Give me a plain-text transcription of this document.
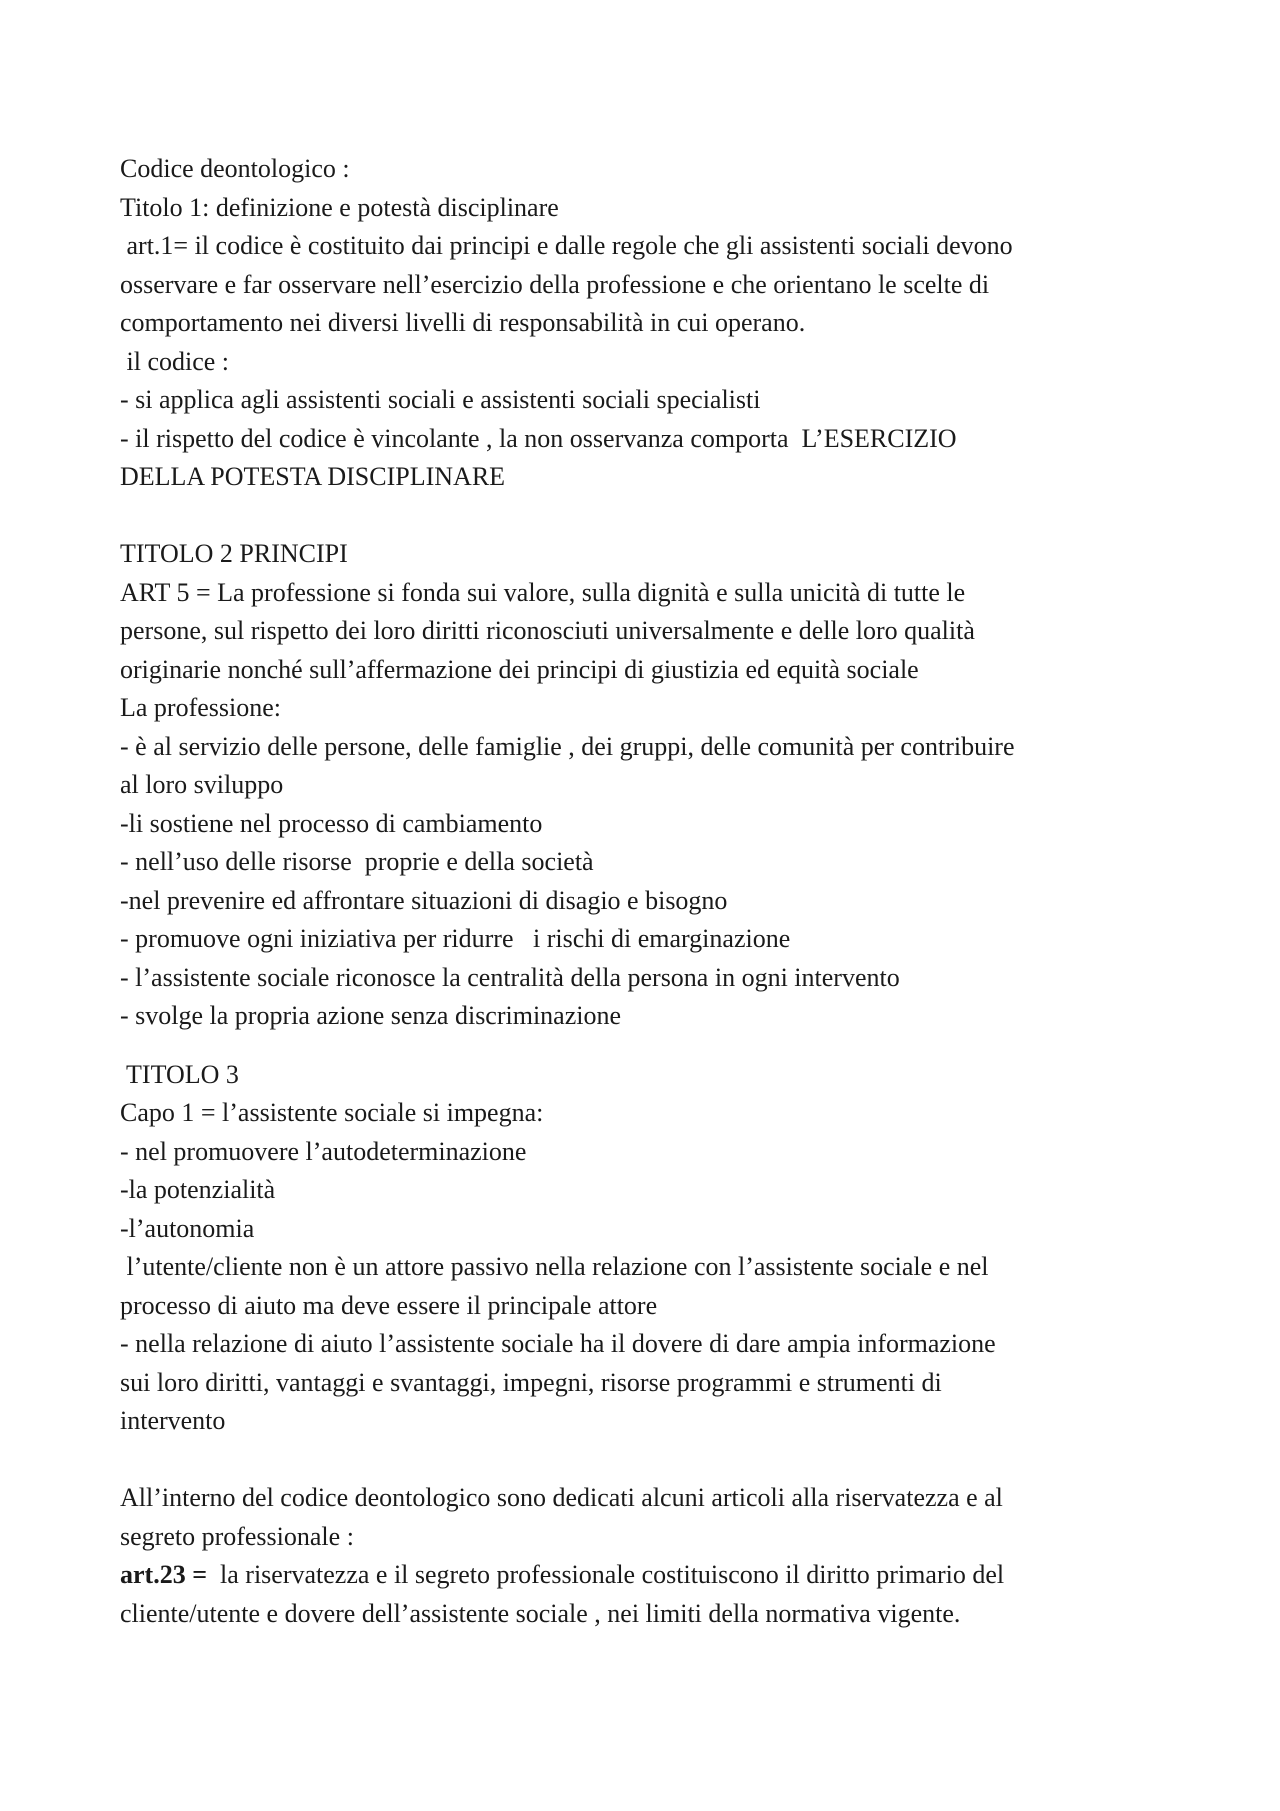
Codice deontologico :
Titolo 1: definizione e potestà disciplinare
art.1= il codice è costituito dai principi e dalle regole che gli assistenti sociali devono
osservare e far osservare nell’esercizio della professione e che orientano le scelte di
comportamento nei diversi livelli di responsabilità in cui operano.
il codice :
- si applica agli assistenti sociali e assistenti sociali specialisti
- il rispetto del codice è vincolante , la non osservanza comporta  L’ESERCIZIO
DELLA POTESTA DISCIPLINARE
TITOLO 2 PRINCIPI
ART 5 = La professione si fonda sui valore, sulla dignità e sulla unicità di tutte le
persone, sul rispetto dei loro diritti riconosciuti universalmente e delle loro qualità
originarie nonché sull’affermazione dei principi di giustizia ed equità sociale
La professione:
- è al servizio delle persone, delle famiglie , dei gruppi, delle comunità per contribuire
al loro sviluppo
-li sostiene nel processo di cambiamento
- nell’uso delle risorse  proprie e della società
-nel prevenire ed affrontare situazioni di disagio e bisogno
- promuove ogni iniziativa per ridurre   i rischi di emarginazione
- l’assistente sociale riconosce la centralità della persona in ogni intervento
- svolge la propria azione senza discriminazione
TITOLO 3
Capo 1 = l’assistente sociale si impegna:
- nel promuovere l’autodeterminazione
-la potenzialità
-l’autonomia
l’utente/cliente non è un attore passivo nella relazione con l’assistente sociale e nel
processo di aiuto ma deve essere il principale attore
- nella relazione di aiuto l’assistente sociale ha il dovere di dare ampia informazione
sui loro diritti, vantaggi e svantaggi, impegni, risorse programmi e strumenti di
intervento
All’interno del codice deontologico sono dedicati alcuni articoli alla riservatezza e al
segreto professionale :
art.23 =  la riservatezza e il segreto professionale costituiscono il diritto primario del
cliente/utente e dovere dell’assistente sociale , nei limiti della normativa vigente.
